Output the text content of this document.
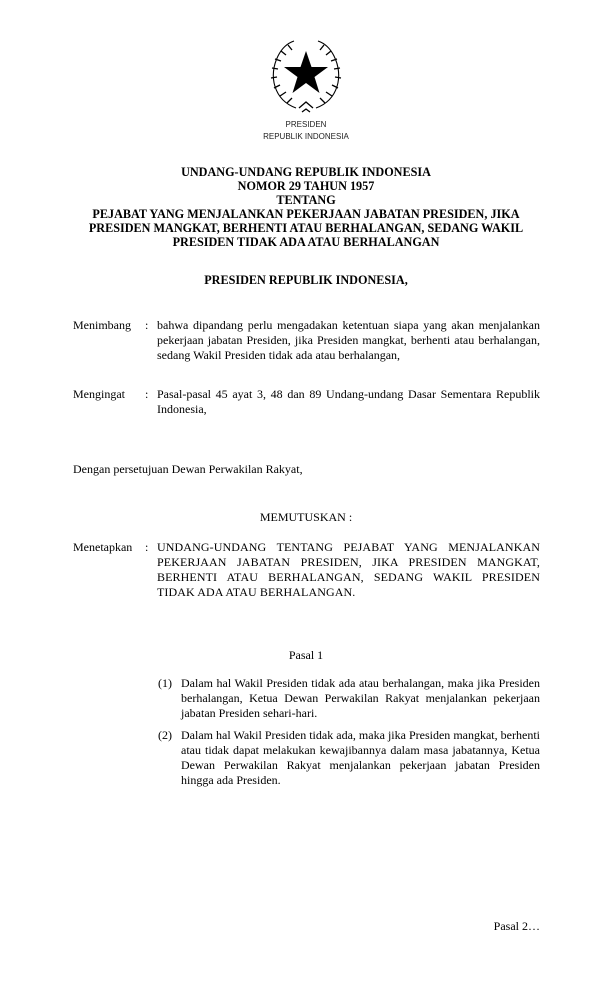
PRESIDEN
REPUBLIK INDONESIA
UNDANG-UNDANG REPUBLIK INDONESIA
NOMOR 29 TAHUN 1957
TENTANG
PEJABAT YANG MENJALANKAN PEKERJAAN JABATAN PRESIDEN, JIKA
PRESIDEN MANGKAT, BERHENTI ATAU BERHALANGAN, SEDANG WAKIL
PRESIDEN TIDAK ADA ATAU BERHALANGAN
PRESIDEN REPUBLIK INDONESIA,
Menimbang : bahwa dipandang perlu mengadakan ketentuan siapa yang akan menjalankan pekerjaan jabatan Presiden, jika Presiden mangkat, berhenti atau berhalangan, sedang Wakil Presiden tidak ada atau berhalangan,
Mengingat : Pasal-pasal 45 ayat 3, 48 dan 89 Undang-undang Dasar Sementara Republik Indonesia,
Dengan persetujuan Dewan Perwakilan Rakyat,
MEMUTUSKAN :
Menetapkan : UNDANG-UNDANG TENTANG PEJABAT YANG MENJALANKAN PEKERJAAN JABATAN PRESIDEN, JIKA PRESIDEN MANGKAT, BERHENTI ATAU BERHALANGAN, SEDANG WAKIL PRESIDEN TIDAK ADA ATAU BERHALANGAN.
Pasal 1
(1) Dalam hal Wakil Presiden tidak ada atau berhalangan, maka jika Presiden berhalangan, Ketua Dewan Perwakilan Rakyat menjalankan pekerjaan jabatan Presiden sehari-hari.
(2) Dalam hal Wakil Presiden tidak ada, maka jika Presiden mangkat, berhenti atau tidak dapat melakukan kewajibannya dalam masa jabatannya, Ketua Dewan Perwakilan Rakyat menjalankan pekerjaan jabatan Presiden hingga ada Presiden.
Pasal 2…
